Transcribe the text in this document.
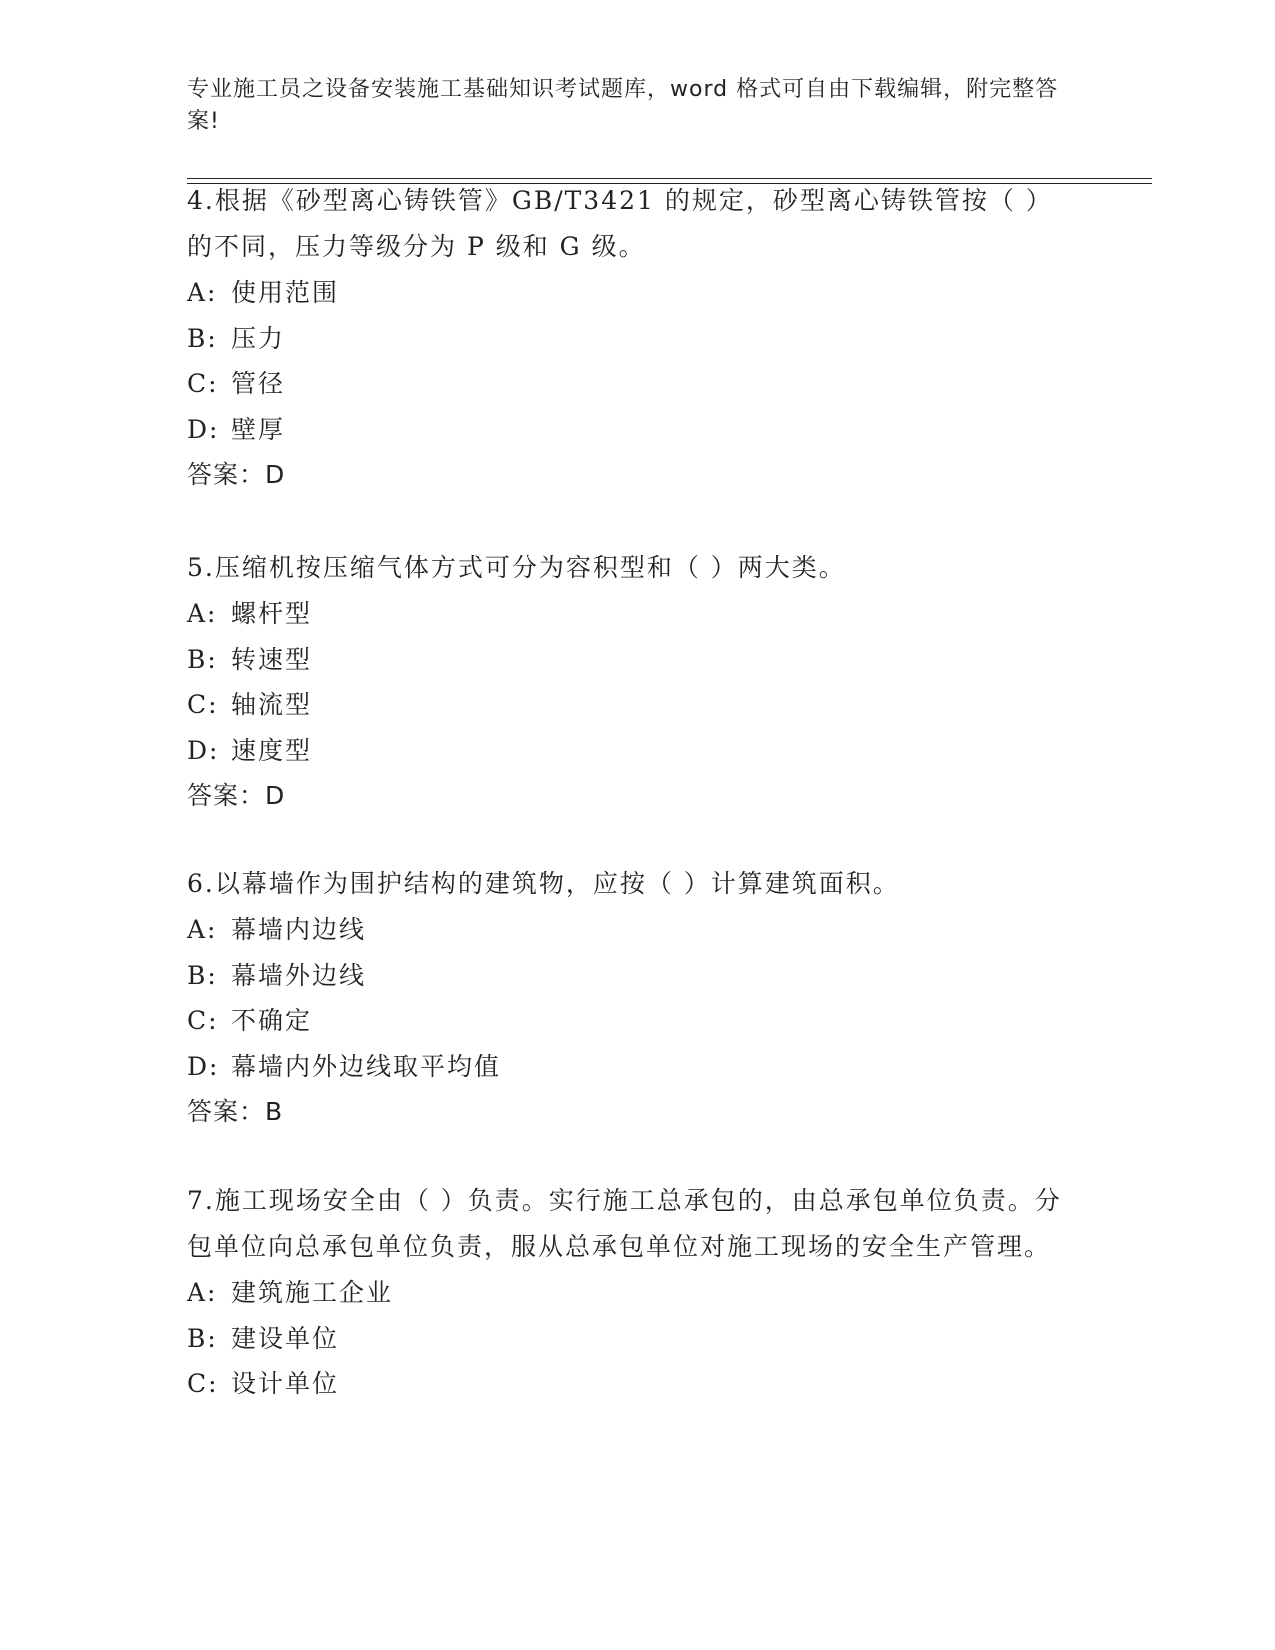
专业施工员之设备安装施工基础知识考试题库，word 格式可自由下载编辑，附完整答案!

4.根据《砂型离心铸铁管》GB/T3421 的规定，砂型离心铸铁管按（ ）的不同，压力等级分为 P 级和 G 级。

A: 使用范围
B: 压力
C: 管径
D: 壁厚

答案：D

5.压缩机按压缩气体方式可分为容积型和（ ）两大类。

A: 螺杆型
B: 转速型
C: 轴流型
D: 速度型

答案：D

6.以幕墙作为围护结构的建筑物，应按（ ）计算建筑面积。

A: 幕墙内边线
B: 幕墙外边线
C: 不确定
D: 幕墙内外边线取平均值

答案：B

7.施工现场安全由（ ）负责。实行施工总承包的，由总承包单位负责。分包单位向总承包单位负责，服从总承包单位对施工现场的安全生产管理。

A: 建筑施工企业
B: 建设单位
C: 设计单位
